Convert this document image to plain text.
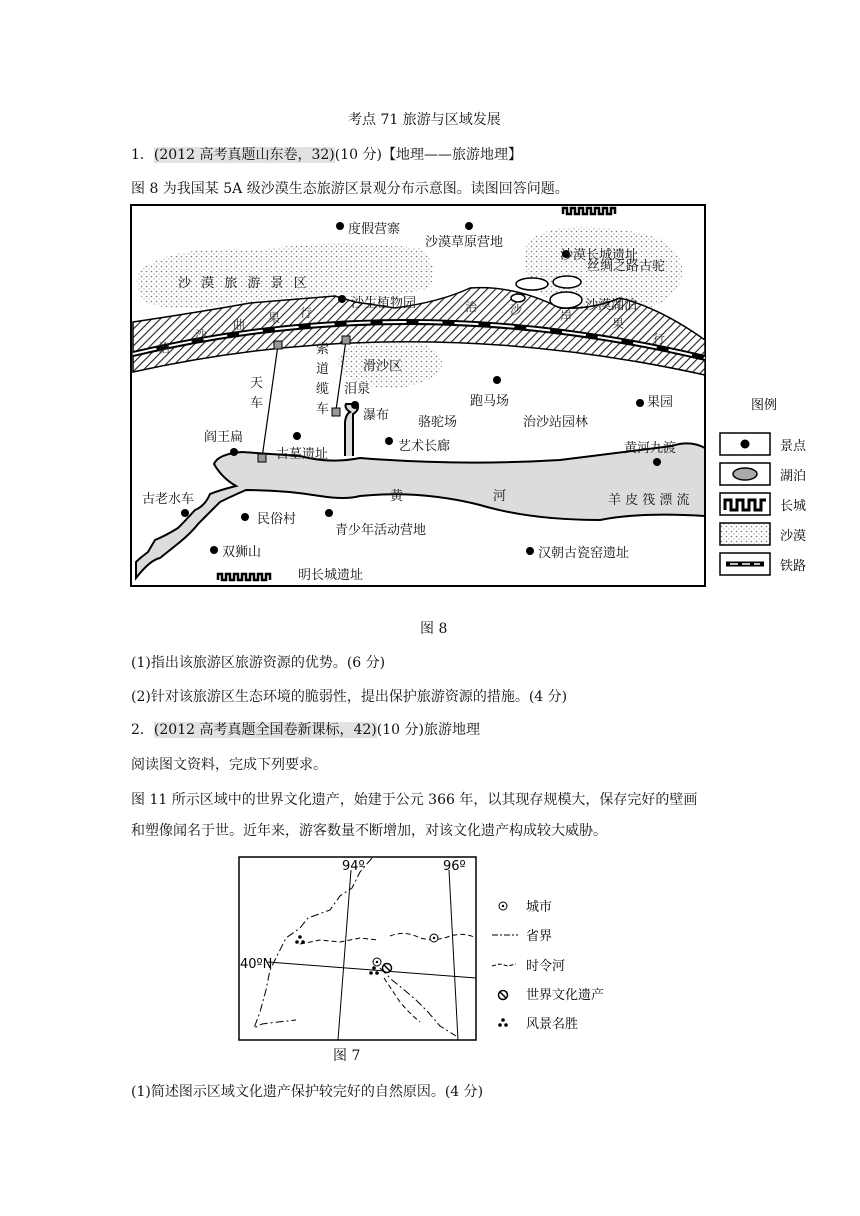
考点 71 旅游与区域发展
1．(2012 高考真题山东卷，32)(10 分)【地理——旅游地理】
图 8 为我国某 5A 级沙漠生态旅游区景观分布示意图。读图回答问题。
治
沙
曲 果 行	治	沙	岸
果
行
度假营寨
沙漠草原营地
沙漠长城遗址
丝绸之路古驼
沙 漠 旅 游 景 区
沙生植物园	沙漠湖泊
滑沙区
索
道
缆
车
天
车
泪泉
瀑布
跑马场	果园
骆驼场	治沙站园林
阎王扁
古墓遗址
艺术长廊	黄河九渡
古老水车	黄	河	羊 皮 筏 漂 流
民俗村
青少年活动营地
双狮山	汉朝古瓷窑遗址
明长城遗址
图例
景点
湖泊
长城
沙漠
铁路
图 8
(1)指出该旅游区旅游资源的优势。(6 分)
(2)针对该旅游区生态环境的脆弱性，提出保护旅游资源的措施。(4 分)
2．(2012 高考真题全国卷新课标，42)(10 分)旅游地理
阅读图文资料，完成下列要求。
图 11 所示区域中的世界文化遗产，始建于公元 366 年，以其现存规模大，保存完好的壁画
和塑像闻名于世。近年来，游客数量不断增加，对该文化遗产构成较大威胁。
94º	96º
40ºN
城市
省界
时令河
世界文化遗产
风景名胜
图 7
(1)简述图示区域文化遗产保护较完好的自然原因。(4 分)
